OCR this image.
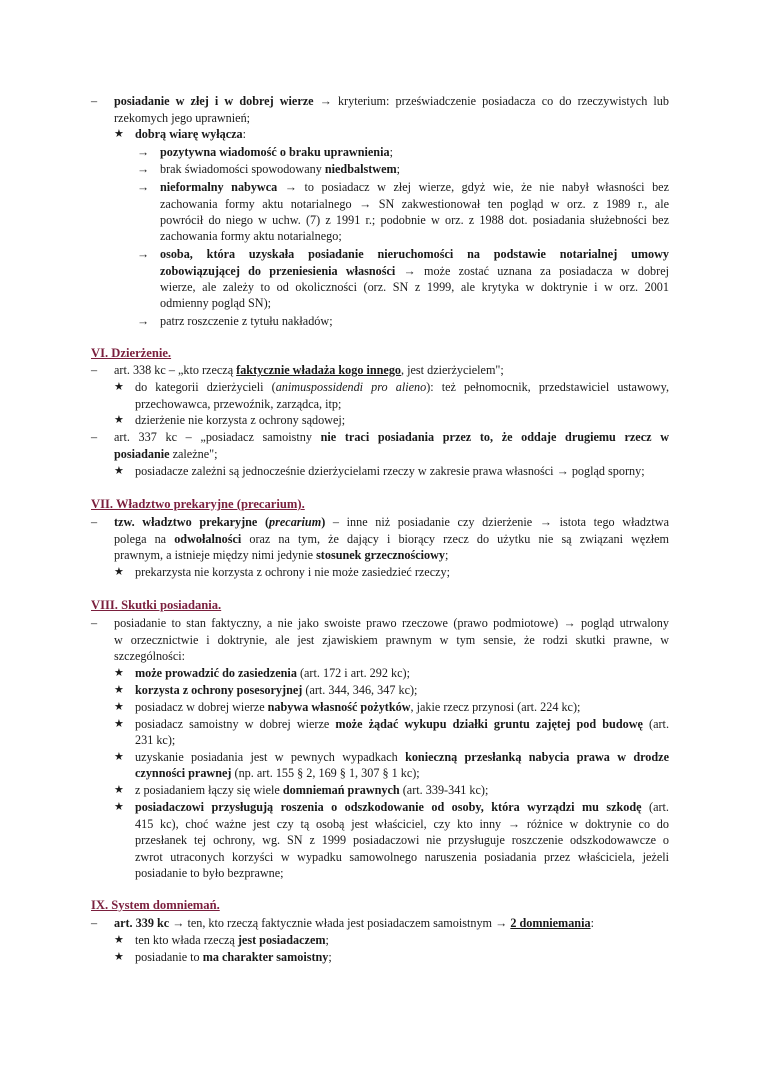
– posiadanie w złej i w dobrej wierze → kryterium: przeświadczenie posiadacza co do rzeczywistych lub
rzekomych jego uprawnień;
★ dobrą wiarę wyłącza:
→ pozytywna wiadomość o braku uprawnienia;
→ brak świadomości spowodowany niedbalstwem;
→ nieformalny nabywca → to posiadacz w złej wierze, gdyż wie, że nie nabył własności bez
zachowania formy aktu notarialnego → SN zakwestionował ten pogląd w orz. z 1989 r., ale
powrócił do niego w uchw. (7) z 1991 r.; podobnie w orz. z 1988 dot. posiadania służebności bez
zachowania formy aktu notarialnego;
→ osoba, która uzyskała posiadanie nieruchomości na podstawie notarialnej umowy
zobowiązującej do przeniesienia własności → może zostać uznana za posiadacza w dobrej
wierze, ale zależy to od okoliczności (orz. SN z 1999, ale krytyka w doktrynie i w orz. 2001
odmienny pogląd SN);
→ patrz roszczenie z tytułu nakładów;
VI. Dzierżenie.
– art. 338 kc – „kto rzeczą faktycznie władaża kogo innego, jest dzierżycielem";
★ do kategorii dzierżycieli (animuspossidendi pro alieno): też pełnomocnik, przedstawiciel ustawowy,
przechowawca, przewoźnik, zarządca, itp;
★ dzierżenie nie korzysta z ochrony sądowej;
– art. 337 kc – „posiadacz samoistny nie traci posiadania przez to, że oddaje drugiemu rzecz w
posiadanie zależne";
★ posiadacze zależni są jednocześnie dzierżycielami rzeczy w zakresie prawa własności → pogląd sporny;
VII. Władztwo prekaryjne (precarium).
– tzw. władztwo prekaryjne (precarium) – inne niż posiadanie czy dzierżenie → istota tego władztwa
polega na odwołalności oraz na tym, że dający i biorący rzecz do użytku nie są związani węzłem
prawnym, a istnieje między nimi jedynie stosunek grzecznościowy;
★ prekarzysta nie korzysta z ochrony i nie może zasiedzieć rzeczy;
VIII. Skutki posiadania.
– posiadanie to stan faktyczny, a nie jako swoiste prawo rzeczowe (prawo podmiotowe) → pogląd utrwalony
w orzecznictwie i doktrynie, ale jest zjawiskiem prawnym w tym sensie, że rodzi skutki prawne, w
szczególności:
★ może prowadzić do zasiedzenia (art. 172 i art. 292 kc);
★ korzysta z ochrony posesoryjnej (art. 344, 346, 347 kc);
★ posiadacz w dobrej wierze nabywa własność pożytków, jakie rzecz przynosi (art. 224 kc);
★ posiadacz samoistny w dobrej wierze może żądać wykupu działki gruntu zajętej pod budowę (art.
231 kc);
★ uzyskanie posiadania jest w pewnych wypadkach konieczną przesłanką nabycia prawa w drodze
czynności prawnej (np. art. 155 § 2, 169 § 1, 307 § 1 kc);
★ z posiadaniem łączy się wiele domniemań prawnych (art. 339-341 kc);
★ posiadaczowi przysługują roszenia o odszkodowanie od osoby, która wyrządzi mu szkodę (art.
415 kc), choć ważne jest czy tą osobą jest właściciel, czy kto inny → różnice w doktrynie co do
przesłanek tej ochrony, wg. SN z 1999 posiadaczowi nie przysługuje roszczenie odszkodowawcze o
zwrot utraconych korzyści w wypadku samowolnego naruszenia posiadania przez właściciela, jeżeli
posiadanie to było bezprawne;
IX. System domniemań.
– art. 339 kc → ten, kto rzeczą faktycznie włada jest posiadaczem samoistnym → 2 domniemania:
★ ten kto włada rzeczą jest posiadaczem;
★ posiadanie to ma charakter samoistny;
